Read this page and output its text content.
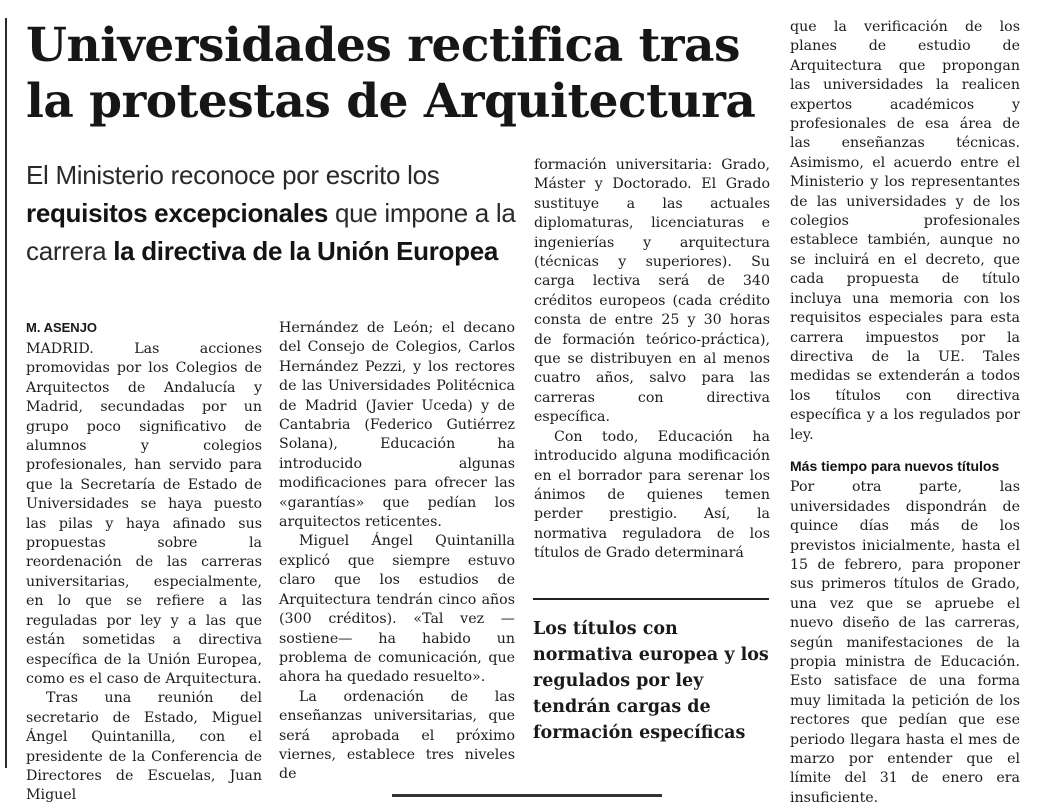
Universidades rectifica tras la protestas de Arquitectura

El Ministerio reconoce por escrito los requisitos excepcionales que impone a la carrera la directiva de la Unión Europea

M. ASENJO

MADRID. Las acciones promovidas por los Colegios de Arquitectos de Andalucía y Madrid, secundadas por un grupo poco significativo de alumnos y colegios profesionales, han servido para que la Secretaría de Estado de Universidades se haya puesto las pilas y haya afinado sus propuestas sobre la reordenación de las carreras universitarias, especialmente, en lo que se refiere a las reguladas por ley y a las que están sometidas a directiva específica de la Unión Europea, como es el caso de Arquitectura.

Tras una reunión del secretario de Estado, Miguel Ángel Quintanilla, con el presidente de la Conferencia de Directores de Escuelas, Juan Miguel

Hernández de León; el decano del Consejo de Colegios, Carlos Hernández Pezzi, y los rectores de las Universidades Politécnica de Madrid (Javier Uceda) y de Cantabria (Federico Gutiérrez Solana), Educación ha introducido algunas modificaciones para ofrecer las «garantías» que pedían los arquitectos reticentes.

Miguel Ángel Quintanilla explicó que siempre estuvo claro que los estudios de Arquitectura tendrán cinco años (300 créditos). «Tal vez —sostiene— ha habido un problema de comunicación, que ahora ha quedado resuelto».

La ordenación de las enseñanzas universitarias, que será aprobada el próximo viernes, establece tres niveles de

formación universitaria: Grado, Máster y Doctorado. El Grado sustituye a las actuales diplomaturas, licenciaturas e ingenierías y arquitectura (técnicas y superiores). Su carga lectiva será de 340 créditos europeos (cada crédito consta de entre 25 y 30 horas de formación teórico-práctica), que se distribuyen en al menos cuatro años, salvo para las carreras con directiva específica.

Con todo, Educación ha introducido alguna modificación en el borrador para serenar los ánimos de quienes temen perder prestigio. Así, la normativa reguladora de los títulos de Grado determinará

Los títulos con normativa europea y los regulados por ley tendrán cargas de formación específicas

que la verificación de los planes de estudio de Arquitectura que propongan las universidades la realicen expertos académicos y profesionales de esa área de las enseñanzas técnicas. Asimismo, el acuerdo entre el Ministerio y los representantes de las universidades y de los colegios profesionales establece también, aunque no se incluirá en el decreto, que cada propuesta de título incluya una memoria con los requisitos especiales para esta carrera impuestos por la directiva de la UE. Tales medidas se extenderán a todos los títulos con directiva específica y a los regulados por ley.

Más tiempo para nuevos títulos

Por otra parte, las universidades dispondrán de quince días más de los previstos inicialmente, hasta el 15 de febrero, para proponer sus primeros títulos de Grado, una vez que se apruebe el nuevo diseño de las carreras, según manifestaciones de la propia ministra de Educación. Esto satisface de una forma muy limitada la petición de los rectores que pedían que ese periodo llegara hasta el mes de marzo por entender que el límite del 31 de enero era insuficiente.
